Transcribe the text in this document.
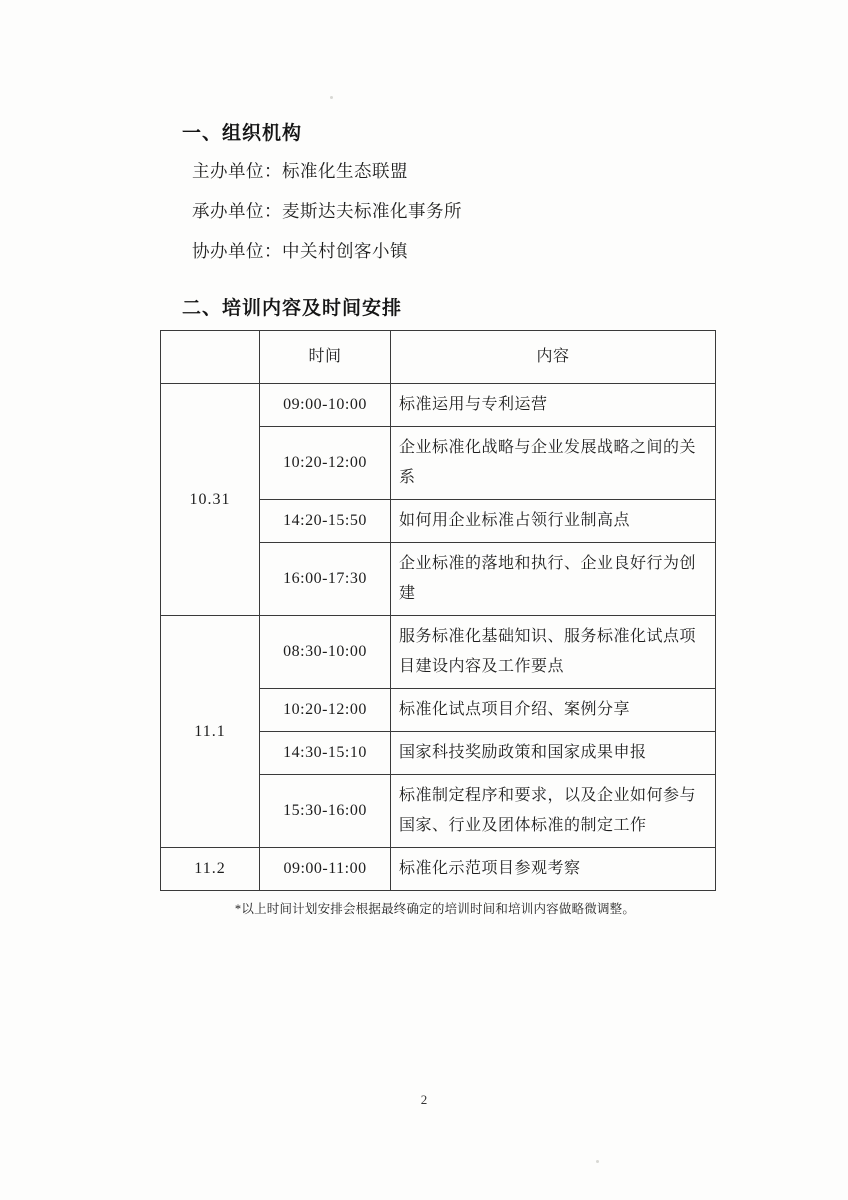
一、组织机构
主办单位：标准化生态联盟
承办单位：麦斯达夫标准化事务所
协办单位：中关村创客小镇
二、培训内容及时间安排
	时间	内容
10.31	09:00-10:00	标准运用与专利运营
	10:20-12:00	企业标准化战略与企业发展战略之间的关系
	14:20-15:50	如何用企业标准占领行业制高点
	16:00-17:30	企业标准的落地和执行、企业良好行为创建
11.1	08:30-10:00	服务标准化基础知识、服务标准化试点项目建设内容及工作要点
	10:20-12:00	标准化试点项目介绍、案例分享
	14:30-15:10	国家科技奖励政策和国家成果申报
	15:30-16:00	标准制定程序和要求，以及企业如何参与国家、行业及团体标准的制定工作
11.2	09:00-11:00	标准化示范项目参观考察
*以上时间计划安排会根据最终确定的培训时间和培训内容做略微调整。
2
